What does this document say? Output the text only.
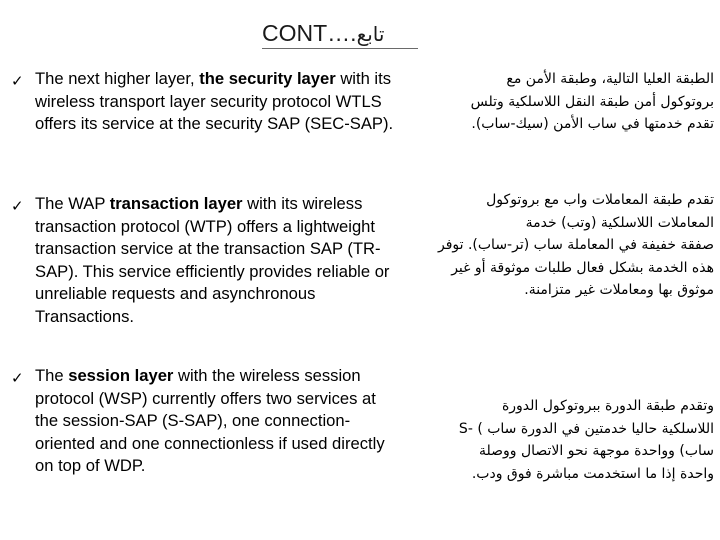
CONT….تابع
✓ The next higher layer, the security layer with its wireless transport layer security protocol WTLS offers its service at the security SAP (SEC-SAP).
الطبقة العليا التالية، وطبقة الأمن مع
بروتوكول أمن طبقة النقل اللاسلكية وتلس
تقدم خدمتها في ساب الأمن (سيك-ساب).
✓ The WAP transaction layer with its wireless transaction protocol (WTP) offers a lightweight transaction service at the transaction SAP (TR-SAP). This service efficiently provides reliable or unreliable requests and asynchronous Transactions.
تقدم طبقة المعاملات واب مع بروتوكول
المعاملات اللاسلكية (وتب) خدمة
صفقة خفيفة في المعاملة ساب (تر-ساب). توفر
هذه الخدمة بشكل فعال طلبات موثوقة أو غير
موثوق بها ومعاملات غير متزامنة.
✓ The session layer with the wireless session protocol (WSP) currently offers two services at the session-SAP (S-SAP), one connection-oriented and one connectionless if used directly on top of WDP.
وتقدم طبقة الدورة ببروتوكول الدورة
اللاسلكية حاليا خدمتين في الدورة ساب ) -S
ساب) وواحدة موجهة نحو الاتصال ووصلة
واحدة إذا ما استخدمت مباشرة فوق ودب.
